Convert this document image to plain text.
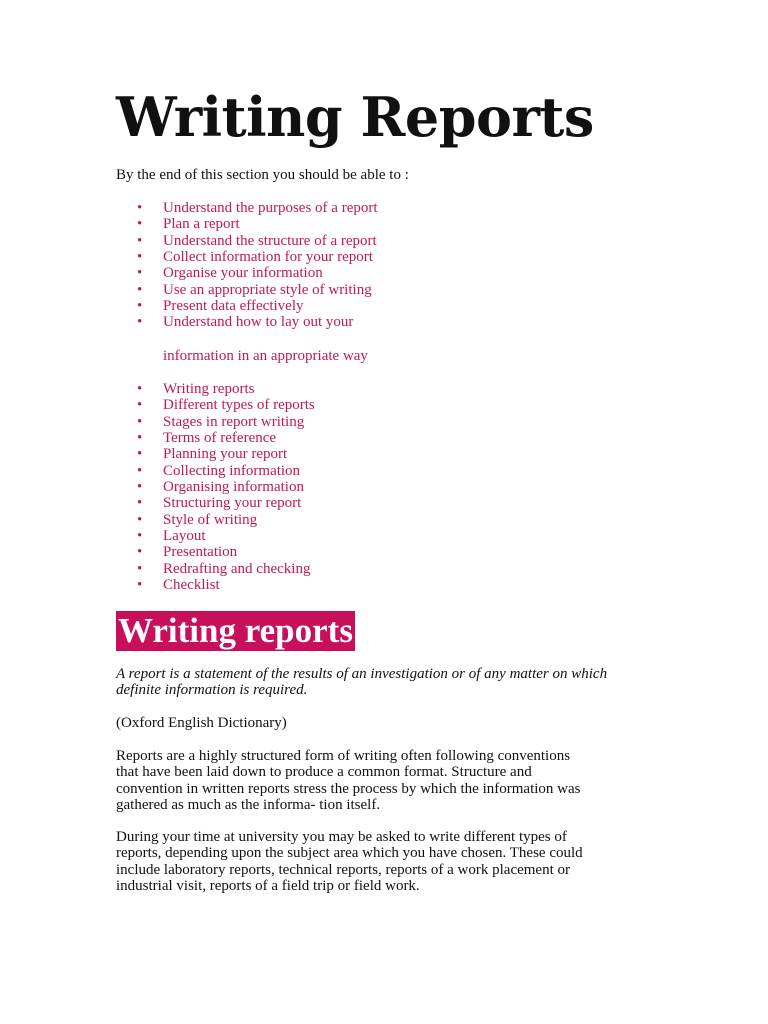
Writing Reports

By the end of this section you should be able to :

•	Understand the purposes of a report
•	Plan a report
•	Understand the structure of a report
•	Collect information for your report
•	Organise your information
•	Use an appropriate style of writing
•	Present data effectively
•	Understand how to lay out your

information in an appropriate way

•	Writing reports
•	Different types of reports
•	Stages in report writing
•	Terms of reference
•	Planning your report
•	Collecting information
•	Organising information
•	Structuring your report
•	Style of writing
•	Layout
•	Presentation
•	Redrafting and checking
•	Checklist
Writing reports

A report is a statement of the results of an investigation or of any matter on which
definite information is required.

(Oxford English Dictionary)

Reports are a highly structured form of writing often following conventions
that have been laid down to produce a common format. Structure and
convention in written reports stress the process by which the information was
gathered as much as the informa- tion itself.

During your time at university you may be asked to write different types of
reports, depending upon the subject area which you have chosen. These could
include laboratory reports, technical reports, reports of a work placement or
industrial visit, reports of a field trip or field work.
